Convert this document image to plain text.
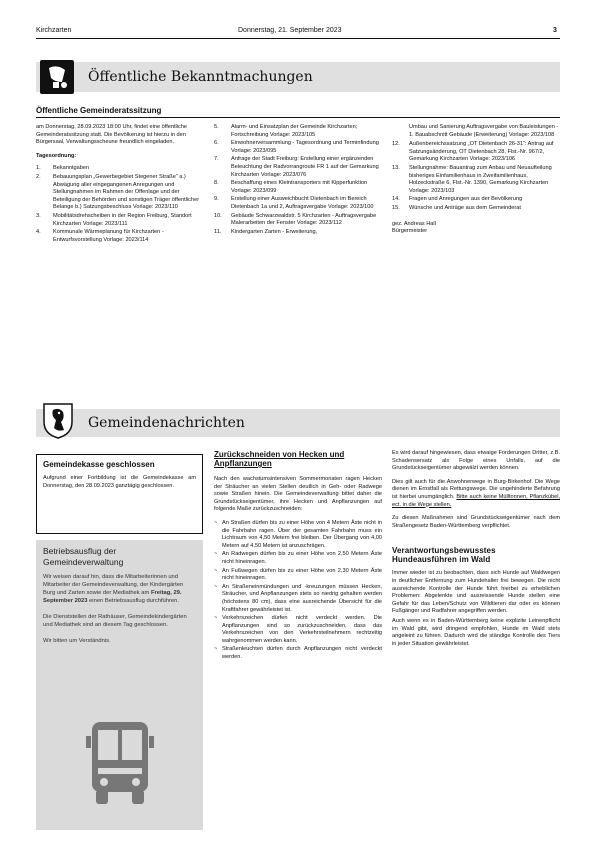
Kirchzarten	Donnerstag, 21. September 2023	3
Öffentliche Bekanntmachungen
Öffentliche Gemeinderatssitzung

am Donnerstag, 28.09.2023 18:00 Uhr, findet eine öffentliche Gemeinderatssitzung statt. Die Bevölkerung ist hierzu in den Bürgersaal, Verwaltungsscheune freundlich eingeladen.

Tagesordnung:

1.	Bekanntgaben
2.	Bebauungsplan „Gewerbegebiet Stegener Straße“ a.) Abwägung aller eingegangenen Anregungen und Stellungnahmen im Rahmen der Offenlage und der Beteiligung der Behörden und sonstigen Träger öffentlicher Belange b.) Satzungsbeschluss Vorlage: 2023/110
3.	Mobilitätsdrehscheiben in der Region Freiburg, Standort Kirchzarten Vorlage: 2023/111
4.	Kommunale Wärmeplanung für Kirchzarten - Entwurfsvorstellung Vorlage: 2023/114
5.	Alarm- und Einsatzplan der Gemeinde Kirchzarten; Fortschreibung Vorlage: 2023/105
6.	Einwohnerversammlung - Tagesordnung und Terminfindung Vorlage: 2023/095
7.	Anfrage der Stadt Freiburg: Erstellung einer ergänzenden Beleuchtung der Radvorrangroute FR 1 auf der Gemarkung Kirchzarten Vorlage: 2023/076
8.	Beschaffung eines Kleintransporters mit Kipperfunktion Vorlage: 2023/099
9.	Erstellung einer Ausweichbucht Dietenbach im Bereich Dietenbach 1a und 2, Auftragsvergabe Vorlage: 2023/100
10.	Gebäude Schwarzwaldstr. 5 Kirchzarten - Auftragsvergabe Malerarbeiten der Fenster Vorlage: 2023/112
11.	Kindergarten Zarten - Erweiterung,

Umbau und Sanierung Auftragsvergabe von Bauleistungen - 1. Bauabschnitt Gebäude (Erweiterung) Vorlage: 2023/108

12.	Außenbereichssatzung „OT Dietenbach 26-31“: Antrag auf Satzungsänderung, OT Dietenbach 28, Flst.-Nr. 967/2, Gemarkung Kirchzarten Vorlage: 2023/106
13.	Stellungnahme: Bauantrag zum Anbau und Neuaufteilung bisheriges Einfamilienhaus in Zweifamilienhaus, Holzeckstraße 6, Flst.-Nr. 1390, Gemarkung Kirchzarten Vorlage: 2023/103
14.	Fragen und Anregungen aus der Bevölkerung
15.	Wünsche und Anträge aus dem Gemeinderat

gez. Andreas Hall

Bürgermeister

Gemeindenachrichten
Gemeindekasse geschlossen
Aufgrund einer Fortbildung ist die Gemeindekasse am Donnerstag, den 28.09.2023 ganztägig geschlossen.
Betriebsausflug der Gemeindeverwaltung

Wir weisen darauf hin, dass die Mitarbeiterinnen und Mitarbeiter der Gemeindeverwaltung, der Kindergärten Burg und Zarten sowie der Mediathek am Freitag, 29. September 2023 einen Betriebsausflug durchführen.

Die Dienststellen der Rathäuser, Gemeindekindergärten und Mediathek sind an diesem Tag geschlossen.

Wir bitten um Verständnis.

Zurückschneiden von Hecken und Anpflanzungen

Nach den wachstumsintensiven Sommermonaten ragen Hecken der Sträucher an vielen Stellen deutlich in Geh- oder Radwege sowie Straßen hinein. Die Gemeindeverwaltung bittet daher die Grundstückseigentümer, ihre Hecken und Anpflanzungen auf folgende Maße zurückzuschneiden:

~ An Straßen dürfen bis zu einer Höhe von 4 Metern Äste nicht in die Fahrbahn ragen. Über der gesamten Fahrbahn muss ein Lichtraum von 4,50 Metern frei bleiben. Der Übergang von 4,00 Metern auf 4,50 Metern ist anzuschrägen.
~ An Radwegen dürfen bis zu einer Höhe von 2,50 Metern Äste nicht hineinragen.
~ An Fußwegen dürfen bis zu einer Höhe von 2,30 Metern Äste nicht hineinragen.
~ An Straßeneinmündungen und -kreuzungen müssen Hecken, Sträucher, und Anpflanzungen stets so niedrig gehalten werden (höchstens 80 cm), dass eine ausreichende Übersicht für die Kraftfahrer gewährleistet ist.
~ Verkehrszeichen dürfen nicht verdeckt werden. Die Anpflanzungen sind so zurückzuschneiden, dass das Verkehrszeichen von den Verkehrsteilnehmern rechtzeitig wahrgenommen werden kann.
~ Straßenleuchten dürfen durch Anpflanzungen nicht verdeckt werden.

Es wird darauf hingewiesen, dass etwaige Forderungen Dritter, z.B. Schadensersatz als Folge eines Unfalls, auf die Grundstückseigentümer abgewälzt werden können.

Dies gilt auch für die Anwohnerwege in Burg-Birkenhof. Die Wege dienen im Ernstfall als Rettungswege. Die ungehinderte Befahrung ist hierbei unumgänglich. Bitte auch keine Mülltonnen, Pflanzkübel, ect. in die Wege stellen.

Zu diesen Maßnahmen sind Grundstückseigentümer nach dem Straßengesetz Baden-Württemberg verpflichtet.

Verantwortungsbewusstes Hundeausführen im Wald

Immer wieder ist zu beobachten, dass sich Hunde auf Waldwegen in deutlicher Entfernung zum Hundehalter frei bewegen. Die nicht ausreichende Kontrolle der Hunde führt hierbei zu erheblichen Problemen: Abgelenkte und ausreissende Hunde stellen eine Gefahr für das Leben/Schutz von Wildtieren dar oder es können Fußgänger und Radfahrer angegriffen werden.

Auch wenn es in Baden-Württemberg keine explizite Leinenpflicht im Wald gibt, wird dringend empfohlen, Hunde im Wald stets angeleint zu führen. Dadurch wird die ständige Kontrolle des Tiers in jeder Situation gewährleistet.
